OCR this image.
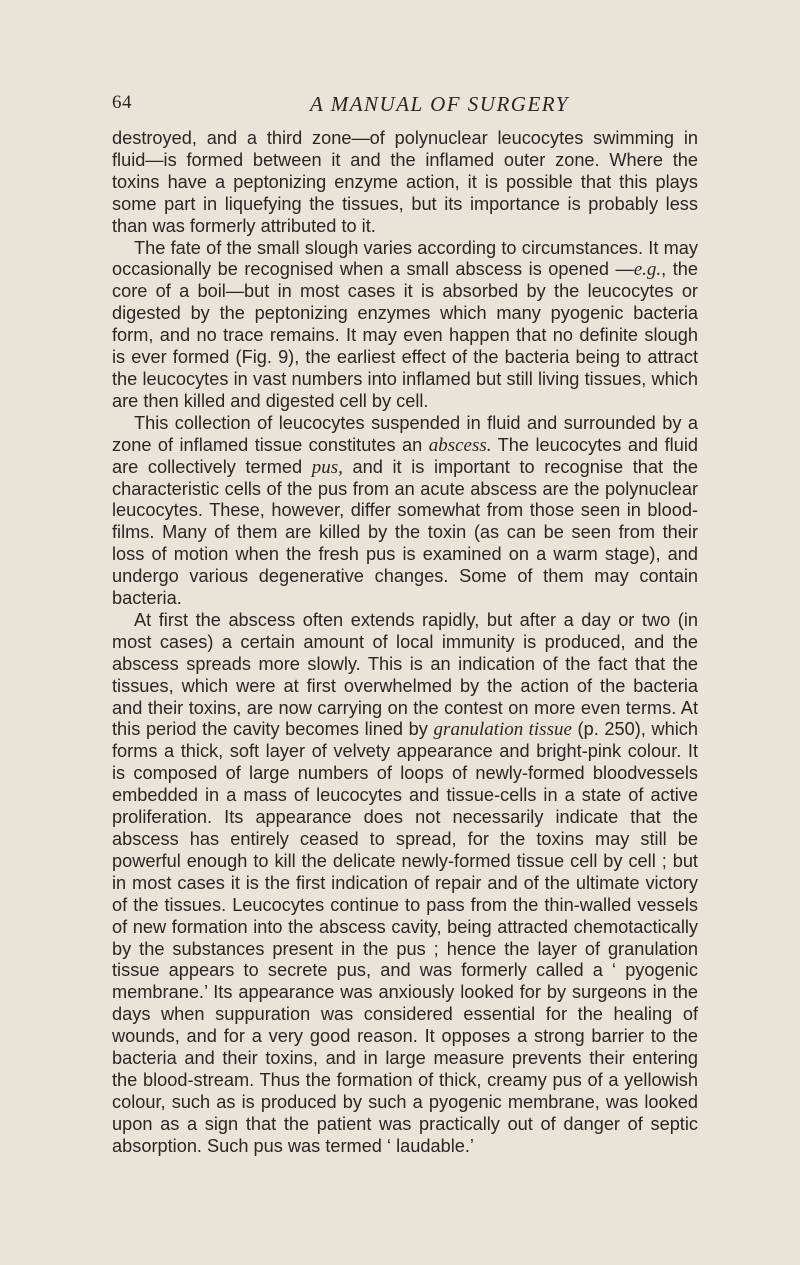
64	A MANUAL OF SURGERY

destroyed, and a third zone—of polynuclear leucocytes swimming in fluid—is formed between it and the inflamed outer zone. Where the toxins have a peptonizing enzyme action, it is possible that this plays some part in liquefying the tissues, but its importance is probably less than was formerly attributed to it.

The fate of the small slough varies according to circumstances. It may occasionally be recognised when a small abscess is opened —e.g., the core of a boil—but in most cases it is absorbed by the leucocytes or digested by the peptonizing enzymes which many pyogenic bacteria form, and no trace remains. It may even happen that no definite slough is ever formed (Fig. 9), the earliest effect of the bacteria being to attract the leucocytes in vast numbers into inflamed but still living tissues, which are then killed and digested cell by cell.

This collection of leucocytes suspended in fluid and surrounded by a zone of inflamed tissue constitutes an abscess. The leucocytes and fluid are collectively termed pus, and it is important to recognise that the characteristic cells of the pus from an acute abscess are the polynuclear leucocytes. These, however, differ somewhat from those seen in blood-films. Many of them are killed by the toxin (as can be seen from their loss of motion when the fresh pus is examined on a warm stage), and undergo various degenerative changes. Some of them may contain bacteria.

At first the abscess often extends rapidly, but after a day or two (in most cases) a certain amount of local immunity is produced, and the abscess spreads more slowly. This is an indication of the fact that the tissues, which were at first overwhelmed by the action of the bacteria and their toxins, are now carrying on the contest on more even terms. At this period the cavity becomes lined by granulation tissue (p. 250), which forms a thick, soft layer of velvety appearance and bright-pink colour. It is composed of large numbers of loops of newly-formed bloodvessels embedded in a mass of leucocytes and tissue-cells in a state of active proliferation. Its appearance does not necessarily indicate that the abscess has entirely ceased to spread, for the toxins may still be powerful enough to kill the delicate newly-formed tissue cell by cell ; but in most cases it is the first indication of repair and of the ultimate victory of the tissues. Leucocytes continue to pass from the thin-walled vessels of new formation into the abscess cavity, being attracted chemotactically by the substances present in the pus ; hence the layer of granulation tissue appears to secrete pus, and was formerly called a ‘ pyogenic membrane.’ Its appearance was anxiously looked for by surgeons in the days when suppuration was considered essential for the healing of wounds, and for a very good reason. It opposes a strong barrier to the bacteria and their toxins, and in large measure prevents their entering the blood-stream. Thus the formation of thick, creamy pus of a yellowish colour, such as is produced by such a pyogenic membrane, was looked upon as a sign that the patient was practically out of danger of septic absorption. Such pus was termed ‘ laudable.’
